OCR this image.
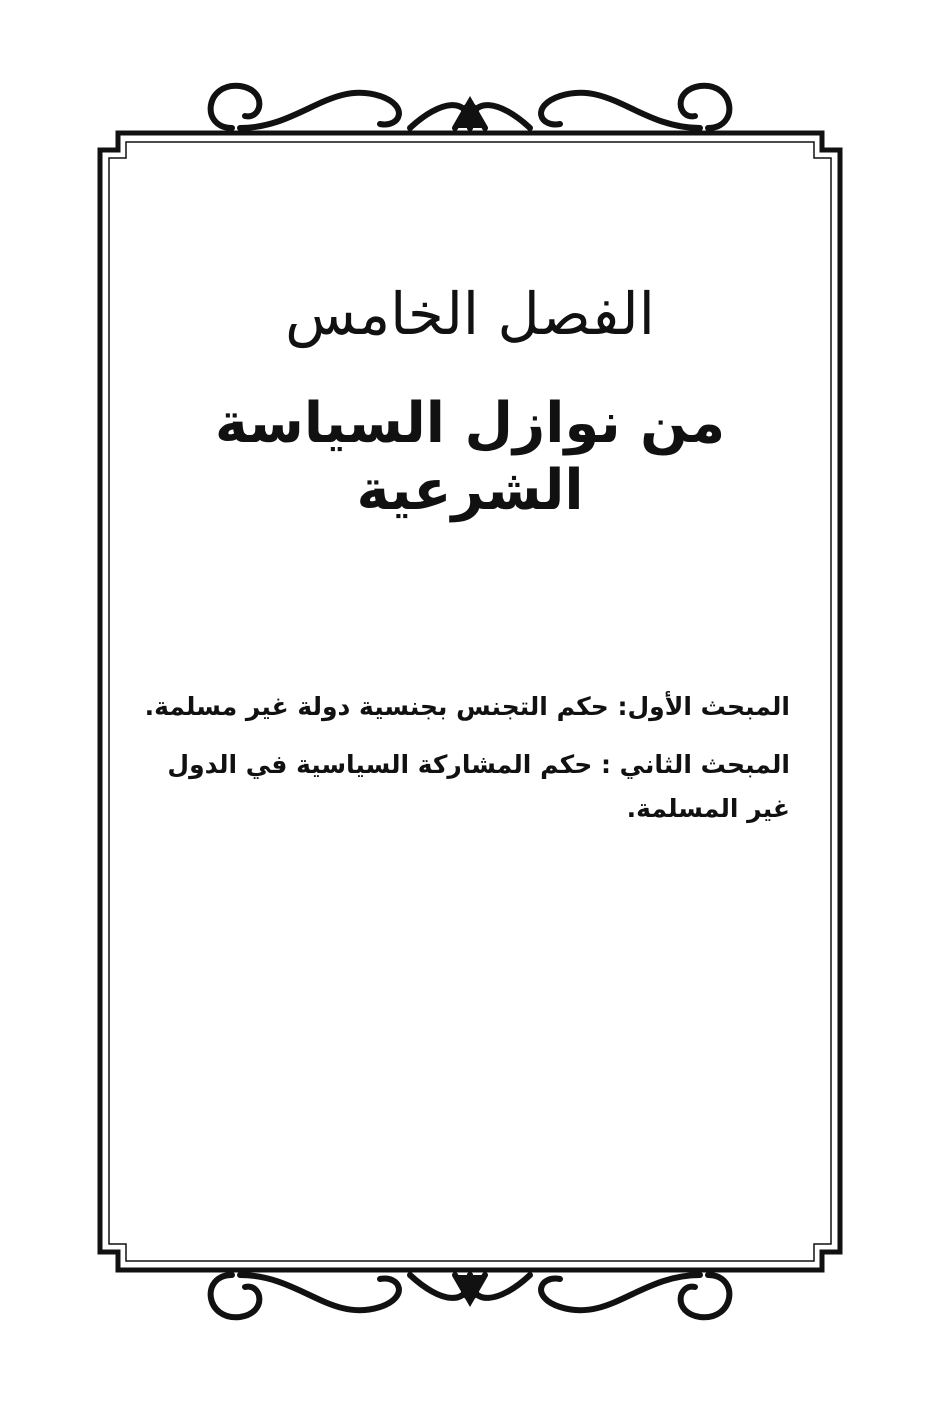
الفصل الخامس
من نوازل السياسة الشرعية

المبحث الأول: حكم التجنس بجنسية دولة غير مسلمة.

المبحث الثاني : حكم المشاركة السياسية في الدول غير المسلمة.
